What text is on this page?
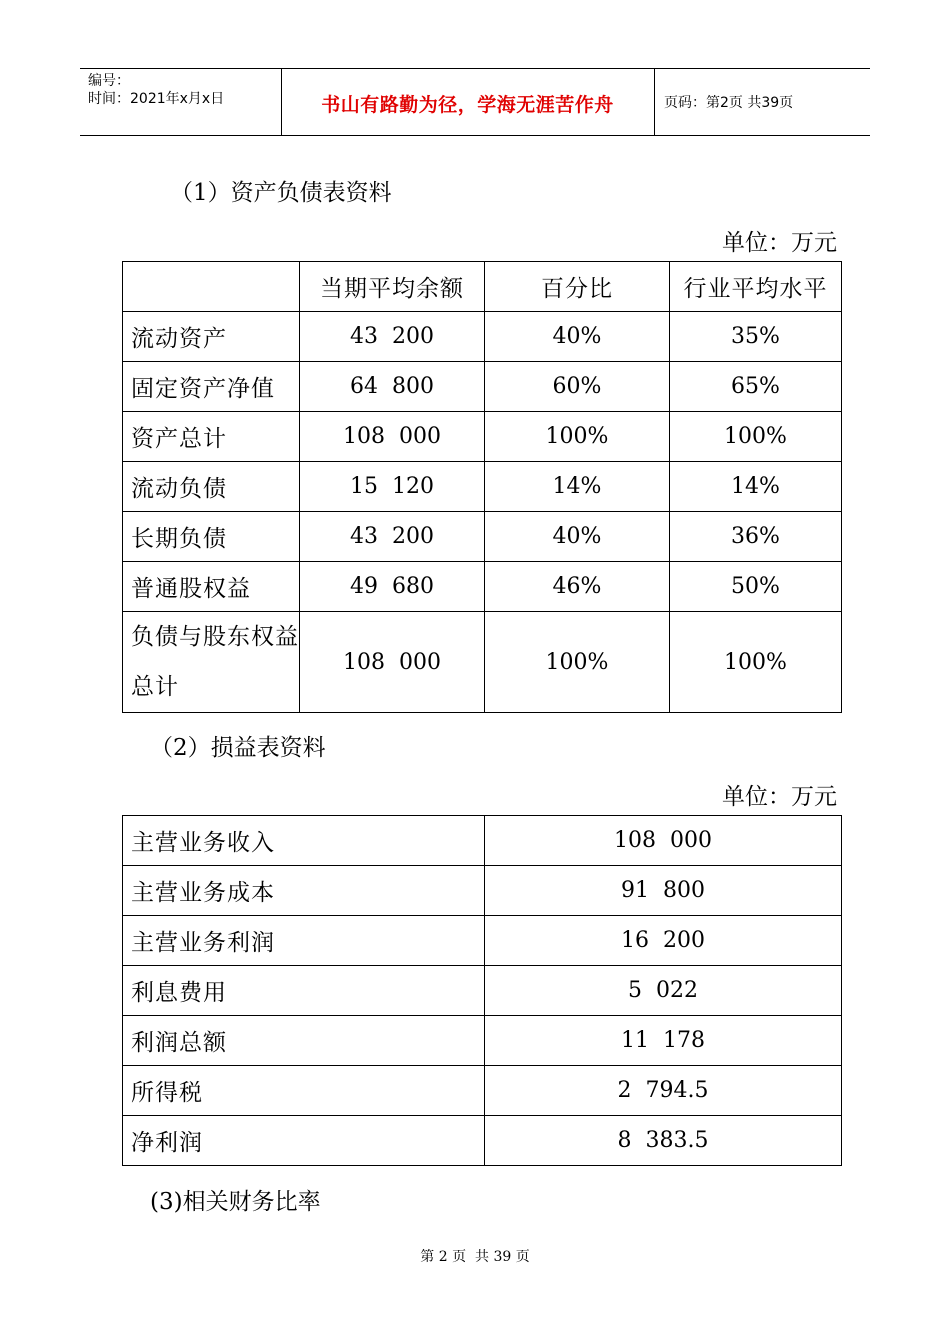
编号：
时间：2021年x月x日	书山有路勤为径，学海无涯苦作舟	页码：第2页 共39页
（1）资产负债表资料
单位：万元
	当期平均余额	百分比	行业平均水平
流动资产	43  200	40%	35%
固定资产净值	64  800	60%	65%
资产总计	108  000	100%	100%
流动负债	15  120	14%	14%
长期负债	43  200	40%	36%
普通股权益	49  680	46%	50%
负债与股东权益总计	108  000	100%	100%
（2）损益表资料
单位：万元
主营业务收入	108  000
主营业务成本	91  800
主营业务利润	16  200
利息费用	5  022
利润总额	11  178
所得税	2  794.5
净利润	8  383.5
(3)相关财务比率
第 2 页  共 39 页
